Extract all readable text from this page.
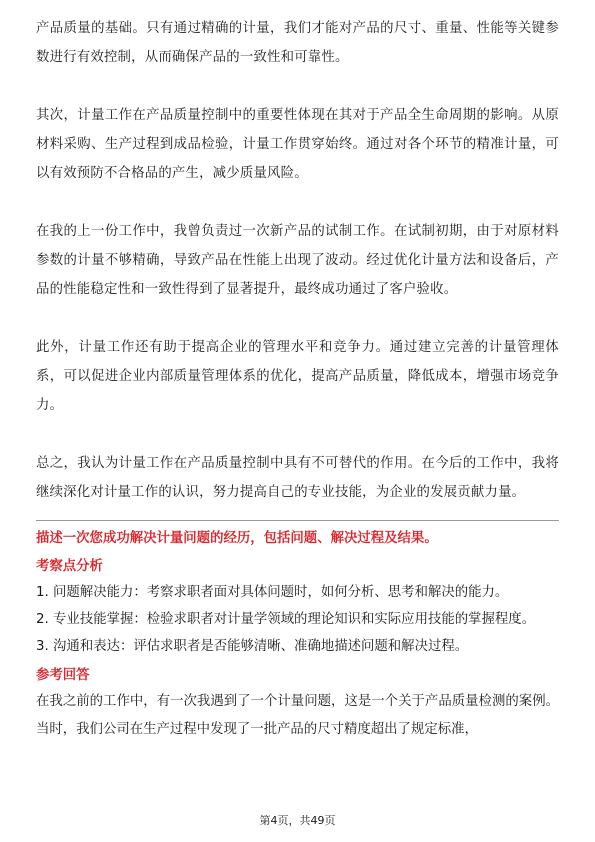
产品质量的基础。只有通过精确的计量，我们才能对产品的尺寸、重量、性能等关键参数进行有效控制，从而确保产品的一致性和可靠性。

其次，计量工作在产品质量控制中的重要性体现在其对于产品全生命周期的影响。从原材料采购、生产过程到成品检验，计量工作贯穿始终。通过对各个环节的精准计量，可以有效预防不合格品的产生，减少质量风险。

在我的上一份工作中，我曾负责过一次新产品的试制工作。在试制初期，由于对原材料参数的计量不够精确，导致产品在性能上出现了波动。经过优化计量方法和设备后，产品的性能稳定性和一致性得到了显著提升，最终成功通过了客户验收。

此外，计量工作还有助于提高企业的管理水平和竞争力。通过建立完善的计量管理体系，可以促进企业内部质量管理体系的优化，提高产品质量，降低成本，增强市场竞争力。

总之，我认为计量工作在产品质量控制中具有不可替代的作用。在今后的工作中，我将继续深化对计量工作的认识，努力提高自己的专业技能，为企业的发展贡献力量。

描述一次您成功解决计量问题的经历，包括问题、解决过程及结果。

考察点分析

1. 问题解决能力：考察求职者面对具体问题时，如何分析、思考和解决的能力。

2. 专业技能掌握：检验求职者对计量学领域的理论知识和实际应用技能的掌握程度。

3. 沟通和表达：评估求职者是否能够清晰、准确地描述问题和解决过程。

参考回答

在我之前的工作中，有一次我遇到了一个计量问题，这是一个关于产品质量检测的案例。当时，我们公司在生产过程中发现了一批产品的尺寸精度超出了规定标准，

第4页，共49页
